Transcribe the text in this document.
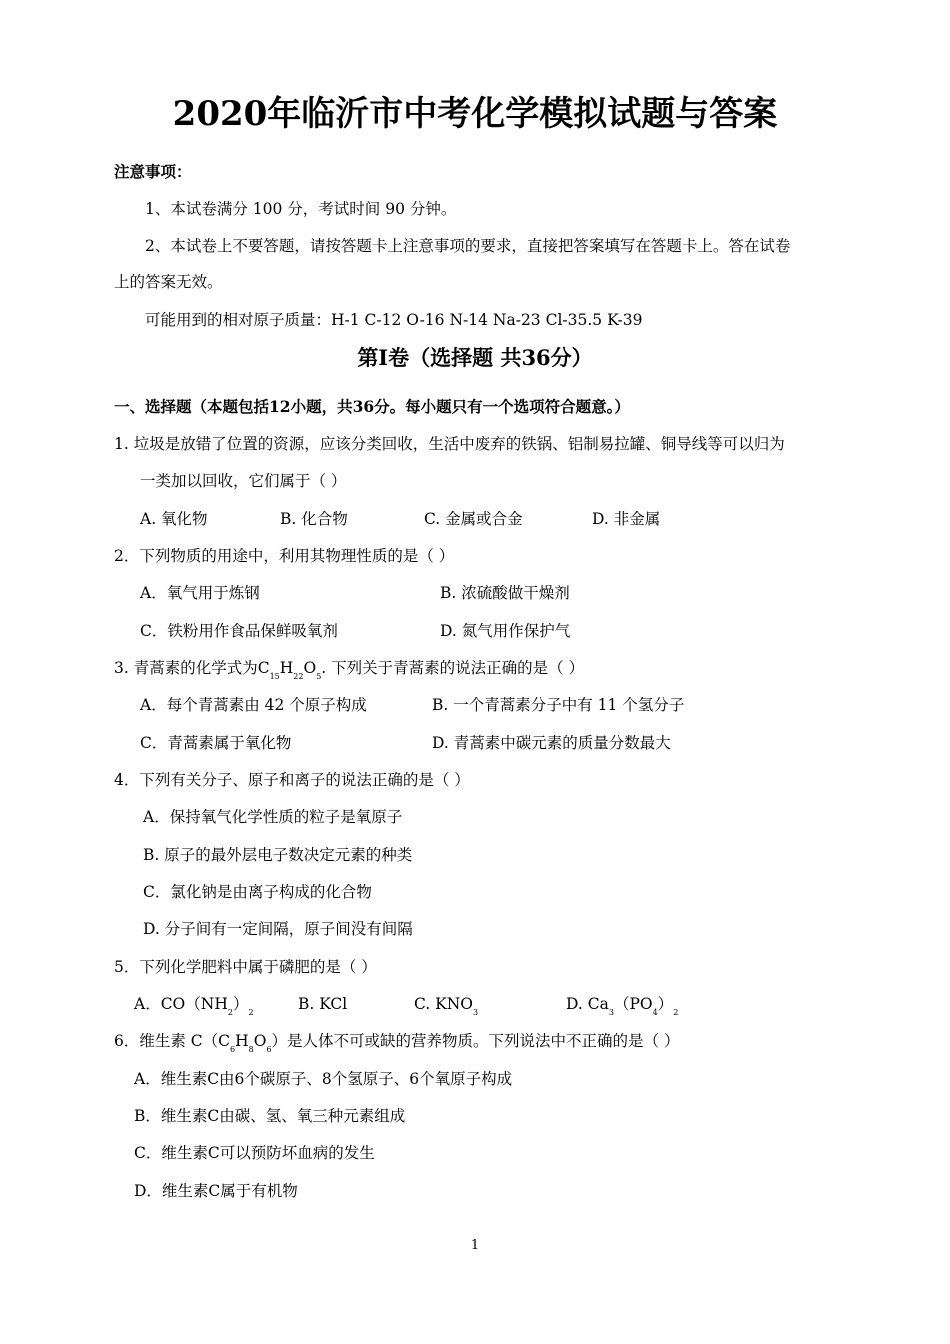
2020年临沂市中考化学模拟试题与答案
注意事项：
1、本试卷满分 100 分，考试时间 90 分钟。
2、本试卷上不要答题，请按答题卡上注意事项的要求，直接把答案填写在答题卡上。答在试卷
上的答案无效。
可能用到的相对原子质量：H-1 C-12 O-16 N-14 Na-23 Cl-35.5 K-39
第Ⅰ卷（选择题 共36分）
一、选择题（本题包括12小题，共36分。每小题只有一个选项符合题意。）
1. 垃圾是放错了位置的资源，应该分类回收，生活中废弃的铁锅、铝制易拉罐、铜导线等可以归为
一类加以回收，它们属于（ ）
A. 氧化物	B. 化合物	C. 金属或合金	D. 非金属
2．下列物质的用途中，利用其物理性质的是（ ）
A．氧气用于炼钢	B. 浓硫酸做干燥剂
C．铁粉用作食品保鲜吸氧剂	D. 氮气用作保护气
3. 青蒿素的化学式为$C_{15}H_{22}O_5$. 下列关于青蒿素的说法正确的是（ ）
A．每个青蒿素由 42 个原子构成	B. 一个青蒿素分子中有 11 个氢分子
C．青蒿素属于氧化物	D. 青蒿素中碳元素的质量分数最大
4．下列有关分子、原子和离子的说法正确的是（ ）
A．保持氧气化学性质的粒子是氧原子
B. 原子的最外层电子数决定元素的种类
C．氯化钠是由离子构成的化合物
D. 分子间有一定间隔，原子间没有间隔
5．下列化学肥料中属于磷肥的是（ ）
A．$CO(NH_2)_2$	B. KCl	C. $KNO_3$	D. $Ca_3(PO_4)_2$
6．维生素 $C(C_6H_8O_6)$是人体不可或缺的营养物质。下列说法中不正确的是（ ）
A．维生素C由6个碳原子、8个氢原子、6个氧原子构成
B．维生素C由碳、氢、氧三种元素组成
C．维生素C可以预防坏血病的发生
D．维生素C属于有机物
1
